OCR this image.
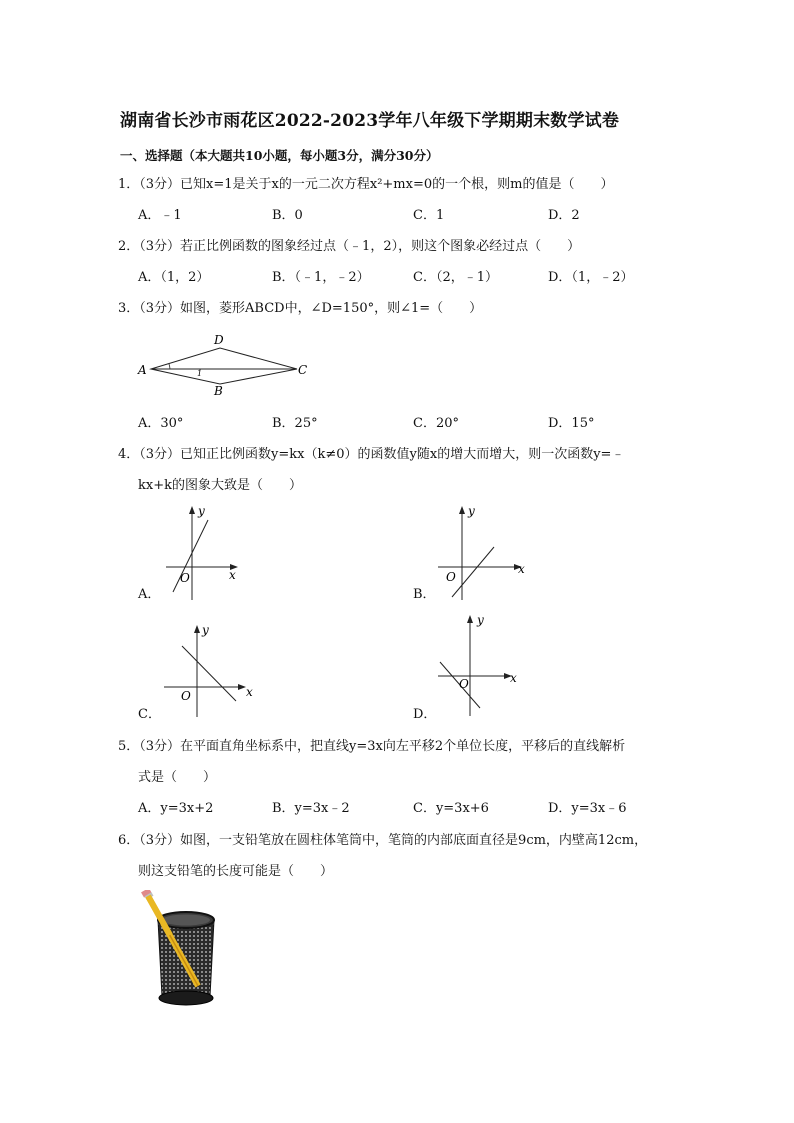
湖南省长沙市雨花区2022-2023学年八年级下学期期末数学试卷
一、选择题（本大题共10小题，每小题3分，满分30分）
1．（3分）已知x=1是关于x的一元二次方程x²+mx=0的一个根，则m的值是（　　）
A．﹣1	B．0	C．1	D．2
2．（3分）若正比例函数的图象经过点（﹣1，2），则这个图象必经过点（　　）
A．（1，2）	B．（﹣1，﹣2）	C．（2，﹣1）	D．（1，﹣2）
3．（3分）如图，菱形ABCD中，∠D=150°，则∠1=（　　）
A
D
C
B
1
A．30°	B．25°	C．20°	D．15°
4．（3分）已知正比例函数y=kx（k≠0）的函数值y随x的增大而增大，则一次函数y=﹣
kx+k的图象大致是（　　）
y
x
O
A．
y
x
O
B．
y
x
O
C．
y
x
O
D．
5．（3分）在平面直角坐标系中，把直线y=3x向左平移2个单位长度，平移后的直线解析
式是（　　）
A．y=3x+2	B．y=3x﹣2	C．y=3x+6	D．y=3x﹣6
6．（3分）如图，一支铅笔放在圆柱体笔筒中，笔筒的内部底面直径是9cm，内壁高12cm，
则这支铅笔的长度可能是（　　）
